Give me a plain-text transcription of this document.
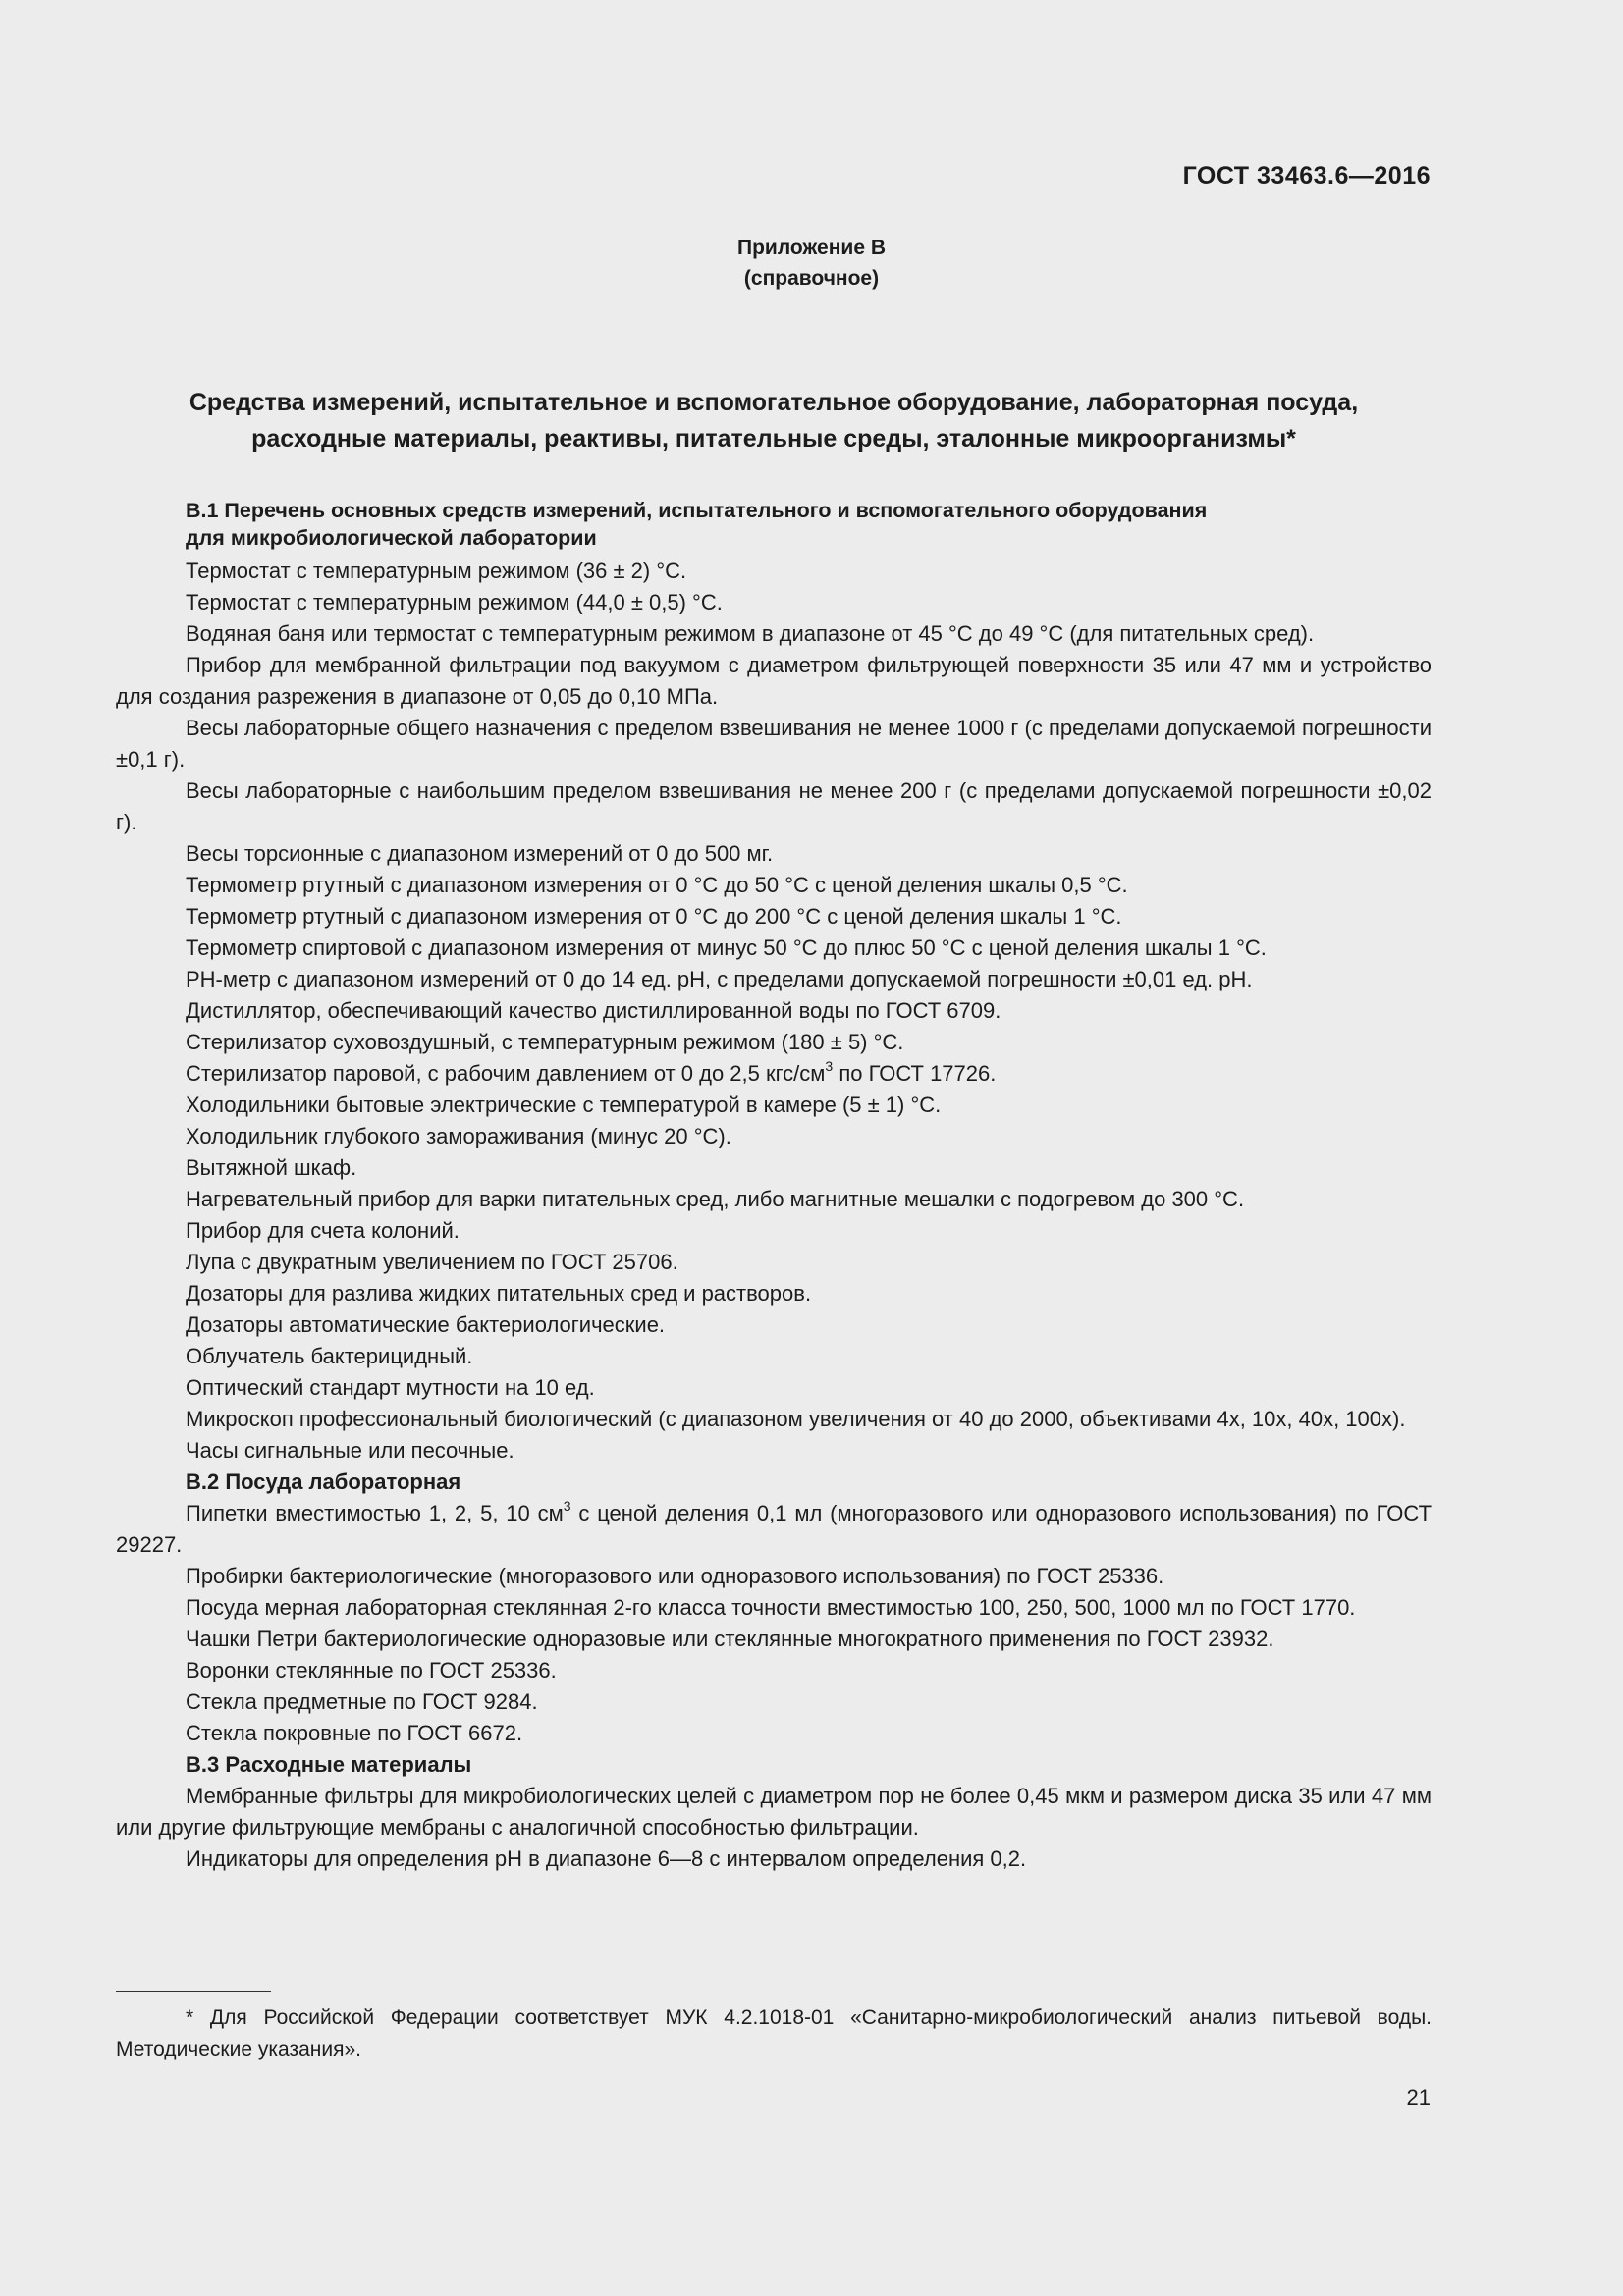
ГОСТ 33463.6—2016
Приложение В
(справочное)
Средства измерений, испытательное и вспомогательное оборудование, лабораторная посуда,
расходные материалы, реактивы, питательные среды, эталонные микроорганизмы*
В.1 Перечень основных средств измерений, испытательного и вспомогательного оборудования
для микробиологической лаборатории

Термостат с температурным режимом (36 ± 2) °С.

Термостат с температурным режимом (44,0 ± 0,5) °С.

Водяная баня или термостат с температурным режимом в диапазоне от 45 °С до 49 °С (для питательных сред).

Прибор для мембранной фильтрации под вакуумом с диаметром фильтрующей поверхности 35 или 47 мм и устройство для создания разрежения в диапазоне от 0,05 до 0,10 МПа.

Весы лабораторные общего назначения с пределом взвешивания не менее 1000 г (с пределами допускаемой погрешности ±0,1 г).

Весы лабораторные с наибольшим пределом взвешивания не менее 200 г (с пределами допускаемой погрешности ±0,02 г).

Весы торсионные с диапазоном измерений от 0 до 500 мг.

Термометр ртутный с диапазоном измерения от 0 °С до 50 °С с ценой деления шкалы 0,5 °С.

Термометр ртутный с диапазоном измерения от 0 °С до 200 °С с ценой деления шкалы 1 °С.

Термометр спиртовой с диапазоном измерения от минус 50 °С до плюс 50 °С с ценой деления шкалы 1 °С.

РН-метр с диапазоном измерений от 0 до 14 ед. рН, с пределами допускаемой погрешности ±0,01 ед. рН.

Дистиллятор, обеспечивающий качество дистиллированной воды по ГОСТ 6709.

Стерилизатор суховоздушный, с температурным режимом (180 ± 5) °С.

Стерилизатор паровой, с рабочим давлением от 0 до 2,5 кгс/$см^3$ по ГОСТ 17726.

Холодильники бытовые электрические с температурой в камере (5 ± 1) °С.

Холодильник глубокого замораживания (минус 20 °С).

Вытяжной шкаф.

Нагревательный прибор для варки питательных сред, либо магнитные мешалки с подогревом до 300 °С.

Прибор для счета колоний.

Лупа с двукратным увеличением по ГОСТ 25706.

Дозаторы для разлива жидких питательных сред и растворов.

Дозаторы автоматические бактериологические.

Облучатель бактерицидный.

Оптический стандарт мутности на 10 ед.

Микроскоп профессиональный биологический (с диапазоном увеличения от 40 до 2000, объективами 4х, 10х, 40х, 100х).

Часы сигнальные или песочные.

В.2 Посуда лабораторная

Пипетки вместимостью 1, 2, 5, 10 $см^3$ с ценой деления 0,1 мл (многоразового или одноразового использования) по ГОСТ 29227.

Пробирки бактериологические (многоразового или одноразового использования) по ГОСТ 25336.

Посуда мерная лабораторная стеклянная 2-го класса точности вместимостью 100, 250, 500, 1000 мл по ГОСТ 1770.

Чашки Петри бактериологические одноразовые или стеклянные многократного применения по ГОСТ 23932.

Воронки стеклянные по ГОСТ 25336.

Стекла предметные по ГОСТ 9284.

Стекла покровные по ГОСТ 6672.

В.3 Расходные материалы

Мембранные фильтры для микробиологических целей с диаметром пор не более 0,45 мкм и размером диска 35 или 47 мм или другие фильтрующие мембраны с аналогичной способностью фильтрации.

Индикаторы для определения рН в диапазоне 6—8 с интервалом определения 0,2.

* Для Российской Федерации соответствует МУК 4.2.1018-01 «Санитарно-микробиологический анализ питьевой воды. Методические указания».
21
